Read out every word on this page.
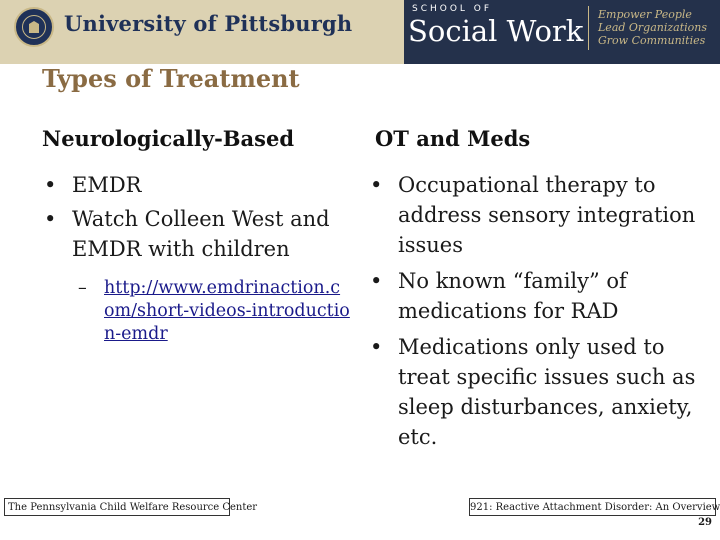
University of Pittsburgh
SCHOOL OF
Social Work Empower People
Lead Organizations
Grow Communities
Types of Treatment
Neurologically-Based	OT and Meds
• EMDR
• Watch Colleen West and EMDR with children
– http://www.emdrinaction.com/short-videos-introduction-emdr
• Occupational therapy to address sensory integration issues
• No known “family” of medications for RAD
• Medications only used to treat specific issues such as sleep disturbances, anxiety, etc.
The Pennsylvania Child Welfare Resource Center	921: Reactive Attachment Disorder: An Overview
29
